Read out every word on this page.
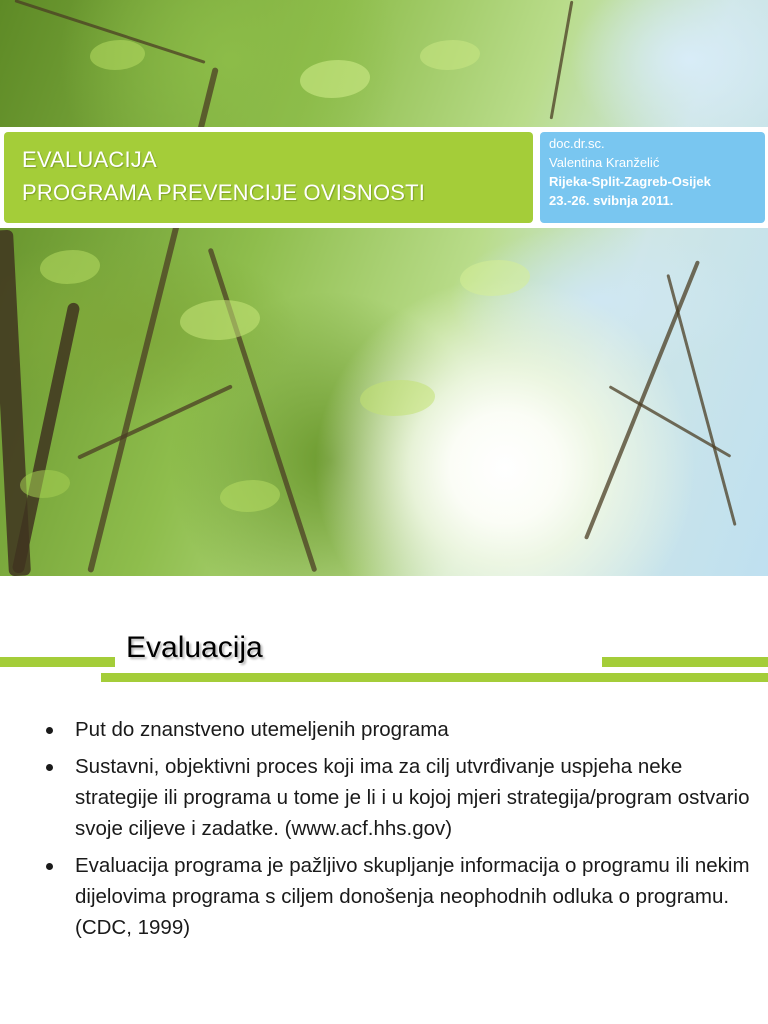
EVALUACIJA
PROGRAMA PREVENCIJE OVISNOSTI
doc.dr.sc.
Valentina Kranželić
Rijeka-Split-Zagreb-Osijek
23.-26. svibnja 2011.
Evaluacija
Put do znanstveno utemeljenih programa
Sustavni, objektivni proces koji ima za cilj utvrđivanje uspjeha neke strategije ili programa u tome je li i u kojoj mjeri strategija/program ostvario svoje ciljeve i zadatke. (www.acf.hhs.gov)
Evaluacija programa je pažljivo skupljanje informacija o programu ili nekim dijelovima programa s ciljem donošenja neophodnih odluka o programu. (CDC, 1999)
